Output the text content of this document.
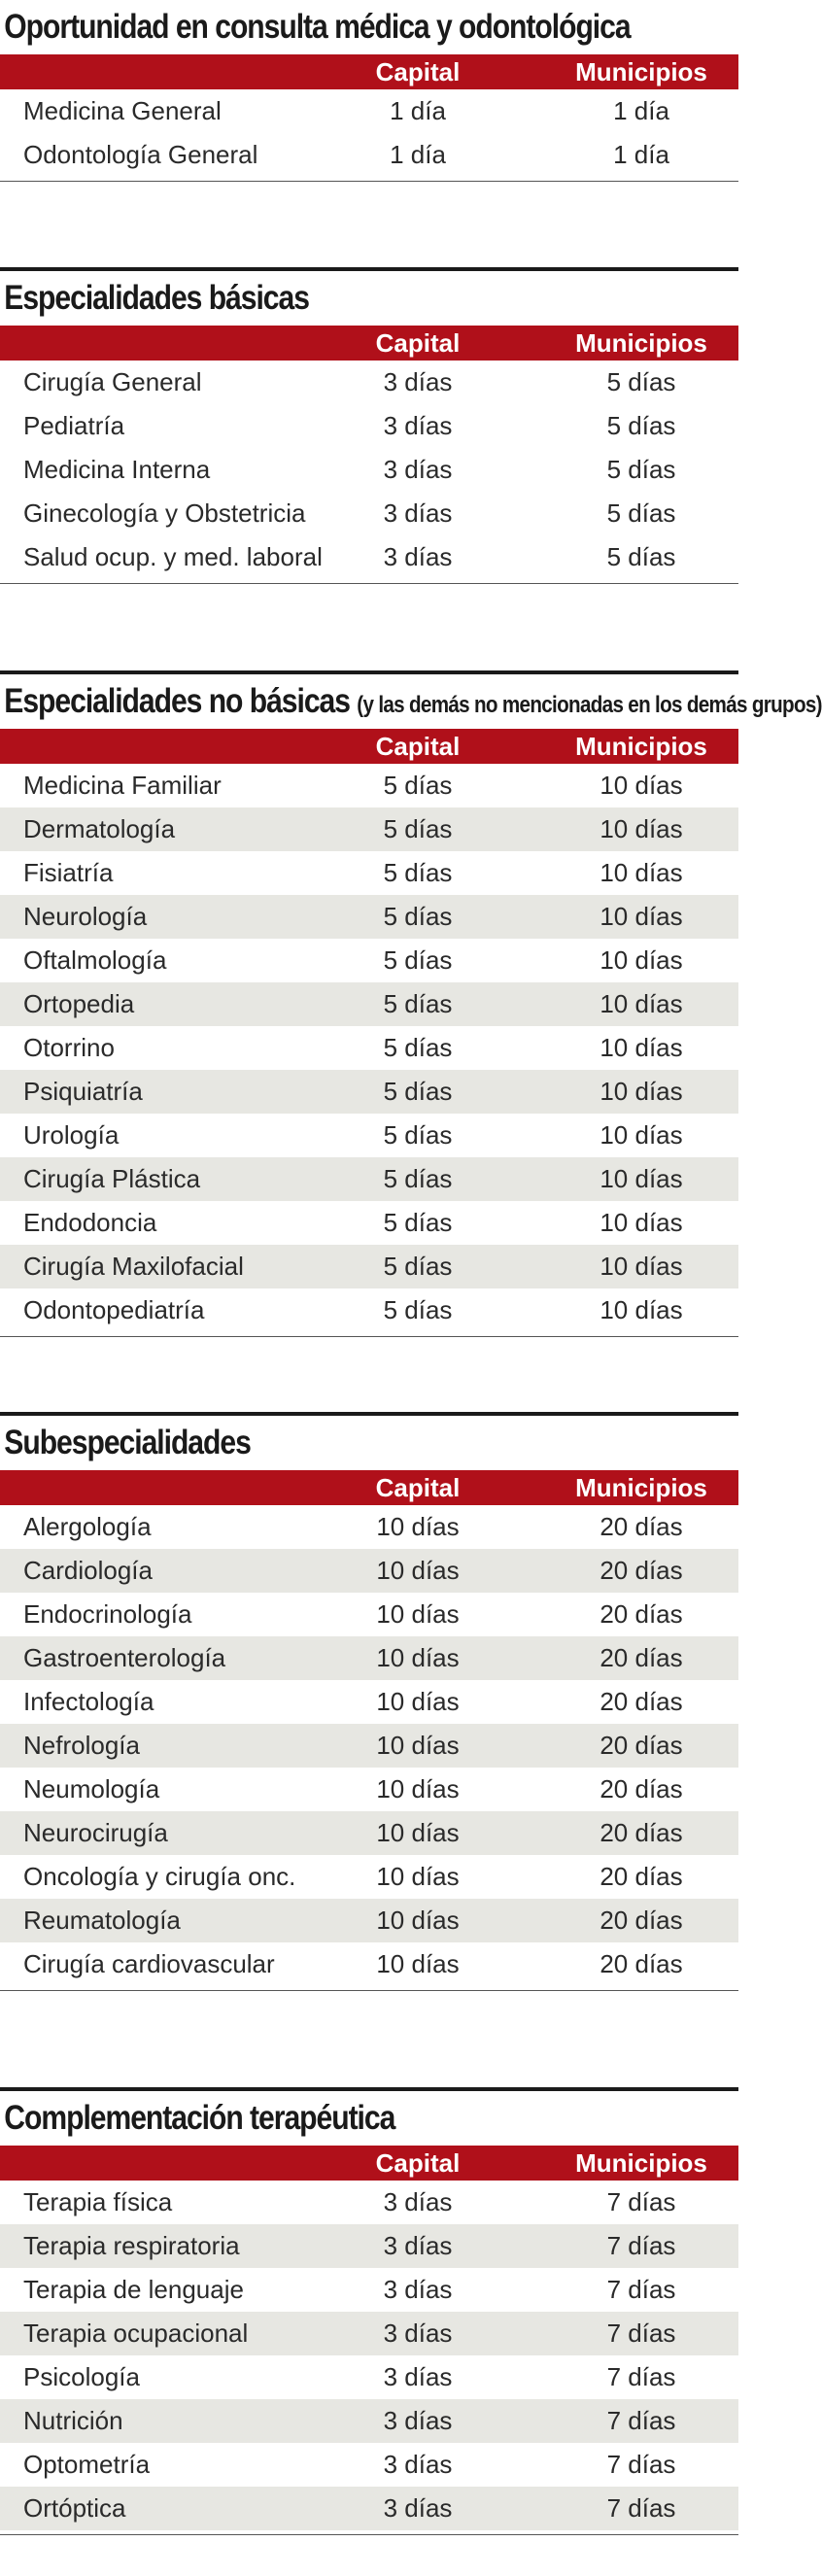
Oportunidad en consulta médica y odontológica
Capital	Municipios
Medicina General	1 día	1 día
Odontología General	1 día	1 día
Especialidades básicas
Capital	Municipios
Cirugía General	3 días	5 días
Pediatría	3 días	5 días
Medicina Interna	3 días	5 días
Ginecología y Obstetricia	3 días	5 días
Salud ocup. y med. laboral	3 días	5 días
Especialidades no básicas (y las demás no mencionadas en los demás grupos)
Capital	Municipios
Medicina Familiar	5 días	10 días
Dermatología	5 días	10 días
Fisiatría	5 días	10 días
Neurología	5 días	10 días
Oftalmología	5 días	10 días
Ortopedia	5 días	10 días
Otorrino	5 días	10 días
Psiquiatría	5 días	10 días
Urología	5 días	10 días
Cirugía Plástica	5 días	10 días
Endodoncia	5 días	10 días
Cirugía Maxilofacial	5 días	10 días
Odontopediatría	5 días	10 días
Subespecialidades
Capital	Municipios
Alergología	10 días	20 días
Cardiología	10 días	20 días
Endocrinología	10 días	20 días
Gastroenterología	10 días	20 días
Infectología	10 días	20 días
Nefrología	10 días	20 días
Neumología	10 días	20 días
Neurocirugía	10 días	20 días
Oncología y cirugía onc.	10 días	20 días
Reumatología	10 días	20 días
Cirugía cardiovascular	10 días	20 días
Complementación terapéutica
Capital	Municipios
Terapia física	3 días	7 días
Terapia respiratoria	3 días	7 días
Terapia de lenguaje	3 días	7 días
Terapia ocupacional	3 días	7 días
Psicología	3 días	7 días
Nutrición	3 días	7 días
Optometría	3 días	7 días
Ortóptica	3 días	7 días
